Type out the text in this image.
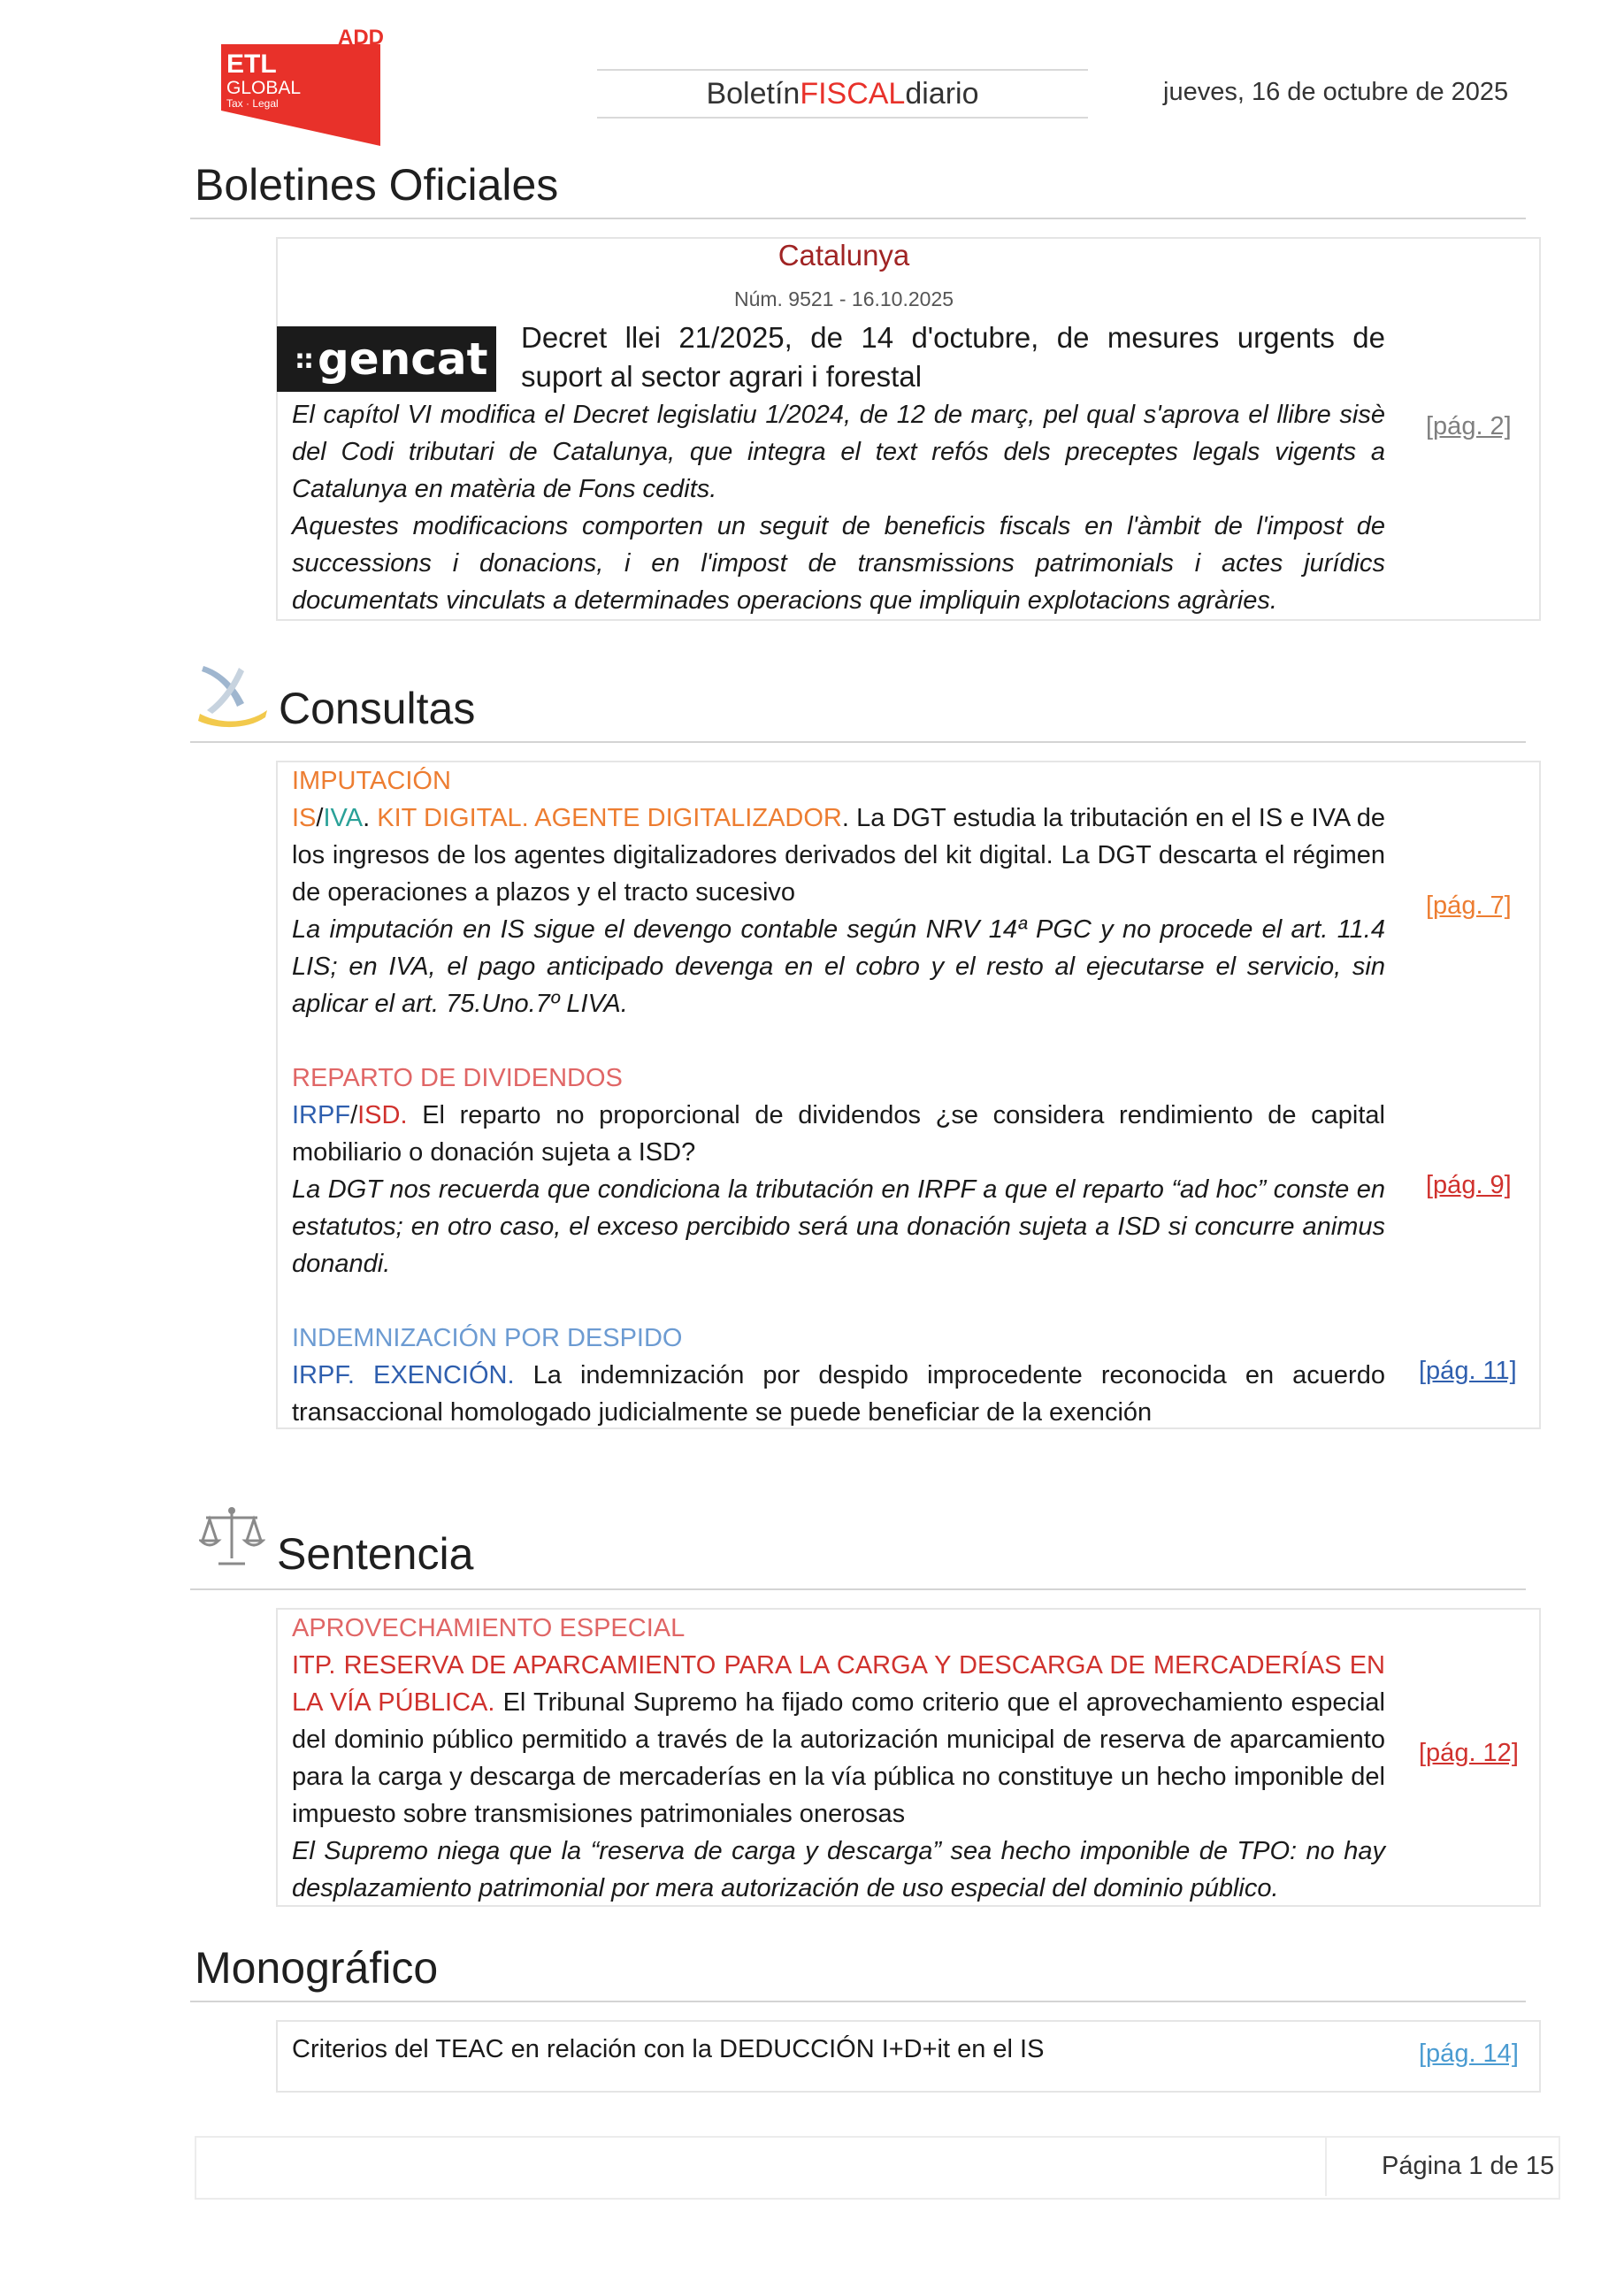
ADD
ETL
GLOBAL
Tax · Legal	Boletín FISCAL diario	jueves, 16 de octubre de 2025
Boletines Oficiales
Catalunya
Núm. 9521 - 16.10.2025
:: gencat Decret llei 21/2025, de 14 d'octubre, de mesures urgents de
suport al sector agrari i forestal
El capítol VI modifica el Decret legislatiu 1/2024, de 12 de març, pel qual s'aprova el llibre sisè del Codi tributari de Catalunya, que integra el text refós dels preceptes legals vigents a Catalunya en matèria de Fons cedits.
Aquestes modificacions comporten un seguit de beneficis fiscals en l'àmbit de l'impost de successions i donacions, i en l'impost de transmissions patrimonials i actes jurídics documentats vinculats a determinades operacions que impliquin explotacions agràries.
[pág. 2]
Consultas
IMPUTACIÓN
IS/IVA. KIT DIGITAL. AGENTE DIGITALIZADOR. La DGT estudia la tributación en el IS e IVA de los ingresos de los agentes digitalizadores derivados del kit digital. La DGT descarta el régimen de operaciones a plazos y el tracto sucesivo
La imputación en IS sigue el devengo contable según NRV 14ª PGC y no procede el art. 11.4 LIS; en IVA, el pago anticipado devenga en el cobro y el resto al ejecutarse el servicio, sin aplicar el art. 75.Uno.7º LIVA.
[pág. 7]
REPARTO DE DIVIDENDOS
IRPF/ISD. El reparto no proporcional de dividendos ¿se considera rendimiento de capital mobiliario o donación sujeta a ISD?
La DGT nos recuerda que condiciona la tributación en IRPF a que el reparto “ad hoc” conste en estatutos; en otro caso, el exceso percibido será una donación sujeta a ISD si concurre animus donandi.
[pág. 9]
INDEMNIZACIÓN POR DESPIDO
IRPF. EXENCIÓN. La indemnización por despido improcedente reconocida en acuerdo transaccional homologado judicialmente se puede beneficiar de la exención
[pág. 11]
Sentencia
APROVECHAMIENTO ESPECIAL
ITP. RESERVA DE APARCAMIENTO PARA LA CARGA Y DESCARGA DE MERCADERÍAS EN LA VÍA PÚBLICA. El Tribunal Supremo ha fijado como criterio que el aprovechamiento especial del dominio público permitido a través de la autorización municipal de reserva de aparcamiento para la carga y descarga de mercaderías en la vía pública no constituye un hecho imponible del impuesto sobre transmisiones patrimoniales onerosas
El Supremo niega que la “reserva de carga y descarga” sea hecho imponible de TPO: no hay desplazamiento patrimonial por mera autorización de uso especial del dominio público.
[pág. 12]
Monográfico
Criterios del TEAC en relación con la DEDUCCIÓN I+D+it en el IS	[pág. 14]
Página 1 de 15
